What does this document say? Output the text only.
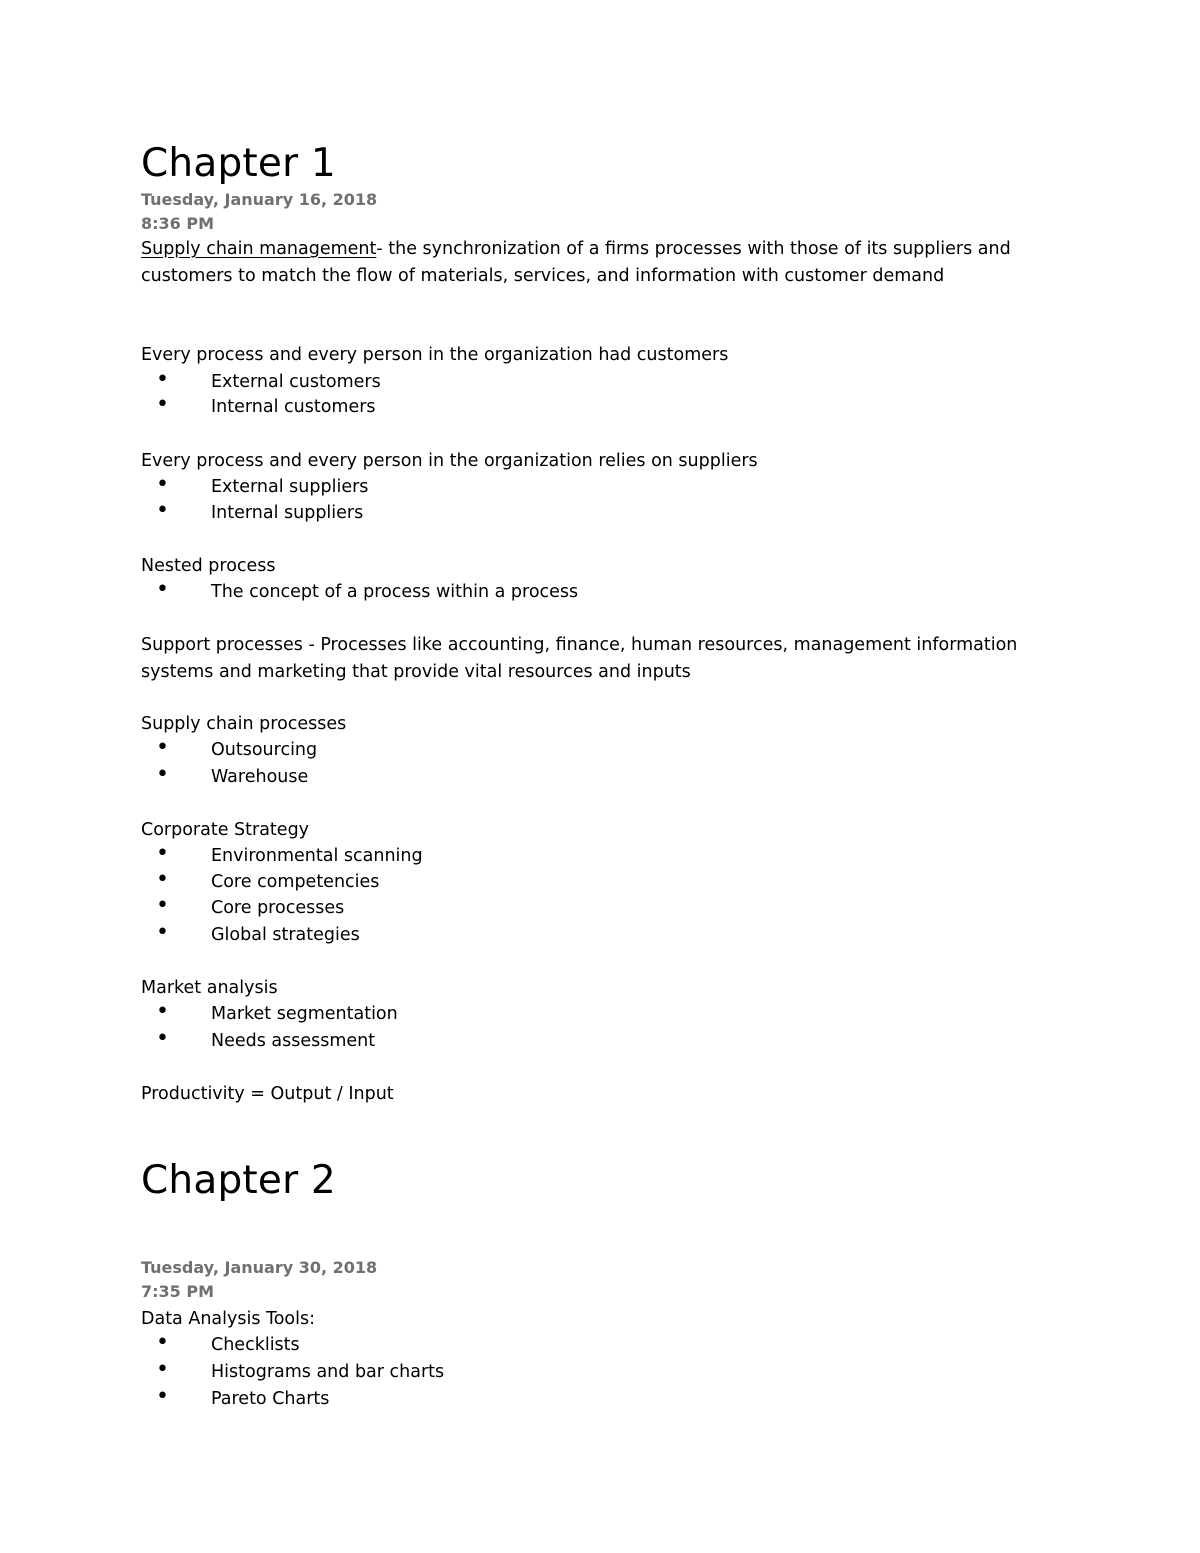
Chapter 1
Tuesday, January 16, 2018
8:36 PM
Supply chain management- the synchronization of a firms processes with those of its suppliers and
customers to match the flow of materials, services, and information with customer demand
Every process and every person in the organization had customers
• External customers
• Internal customers
Every process and every person in the organization relies on suppliers
• External suppliers
• Internal suppliers
Nested process
• The concept of a process within a process
Support processes - Processes like accounting, finance, human resources, management information
systems and marketing that provide vital resources and inputs
Supply chain processes
• Outsourcing
• Warehouse
Corporate Strategy
• Environmental scanning
• Core competencies
• Core processes
• Global strategies
Market analysis
• Market segmentation
• Needs assessment
Productivity = Output / Input
Chapter 2
Tuesday, January 30, 2018
7:35 PM
Data Analysis Tools:
• Checklists
• Histograms and bar charts
• Pareto Charts
